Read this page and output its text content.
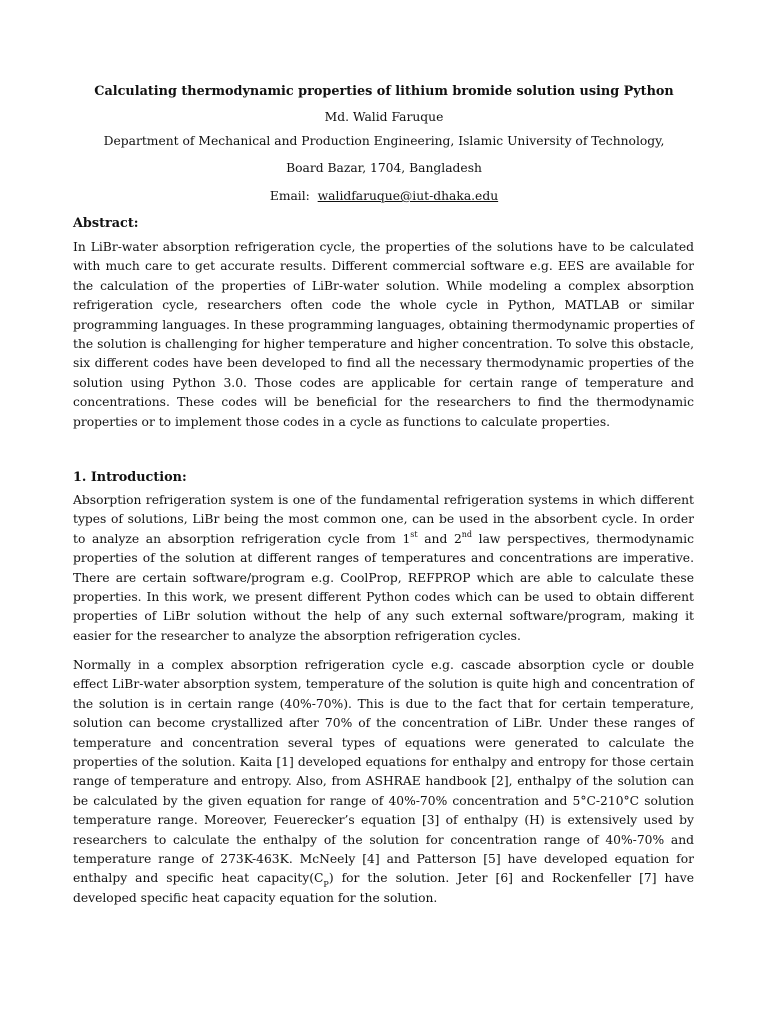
Calculating thermodynamic properties of lithium bromide solution using Python
Md. Walid Faruque
Department of Mechanical and Production Engineering, Islamic University of Technology,
Board Bazar, 1704, Bangladesh
Email: walidfaruque@iut-dhaka.edu
Abstract:

In LiBr-water absorption refrigeration cycle, the properties of the solutions have to be calculated with much care to get accurate results. Different commercial software e.g. EES are available for the calculation of the properties of LiBr-water solution. While modeling a complex absorption refrigeration cycle, researchers often code the whole cycle in Python, MATLAB or similar programming languages. In these programming languages, obtaining thermodynamic properties of the solution is challenging for higher temperature and higher concentration. To solve this obstacle, six different codes have been developed to find all the necessary thermodynamic properties of the solution using Python 3.0. Those codes are applicable for certain range of temperature and concentrations. These codes will be beneficial for the researchers to find the thermodynamic properties or to implement those codes in a cycle as functions to calculate properties.

1. Introduction:

Absorption refrigeration system is one of the fundamental refrigeration systems in which different types of solutions, LiBr being the most common one, can be used in the absorbent cycle. In order to analyze an absorption refrigeration cycle from 1st and 2nd law perspectives, thermodynamic properties of the solution at different ranges of temperatures and concentrations are imperative. There are certain software/program e.g. CoolProp, REFPROP which are able to calculate these properties. In this work, we present different Python codes which can be used to obtain different properties of LiBr solution without the help of any such external software/program, making it easier for the researcher to analyze the absorption refrigeration cycles.

Normally in a complex absorption refrigeration cycle e.g. cascade absorption cycle or double effect LiBr-water absorption system, temperature of the solution is quite high and concentration of the solution is in certain range (40%-70%). This is due to the fact that for certain temperature, solution can become crystallized after 70% of the concentration of LiBr. Under these ranges of temperature and concentration several types of equations were generated to calculate the properties of the solution. Kaita [1] developed equations for enthalpy and entropy for those certain range of temperature and entropy. Also, from ASHRAE handbook [2], enthalpy of the solution can be calculated by the given equation for range of 40%-70% concentration and 5°C-210°C solution temperature range. Moreover, Feuerecker’s equation [3] of enthalpy (H) is extensively used by researchers to calculate the enthalpy of the solution for concentration range of 40%-70% and temperature range of 273K-463K. McNeely [4] and Patterson [5] have developed equation for enthalpy and specific heat $capacity(C_P)$ for the solution. Jeter [6] and Rockenfeller [7] have developed specific heat capacity equation for the solution.
